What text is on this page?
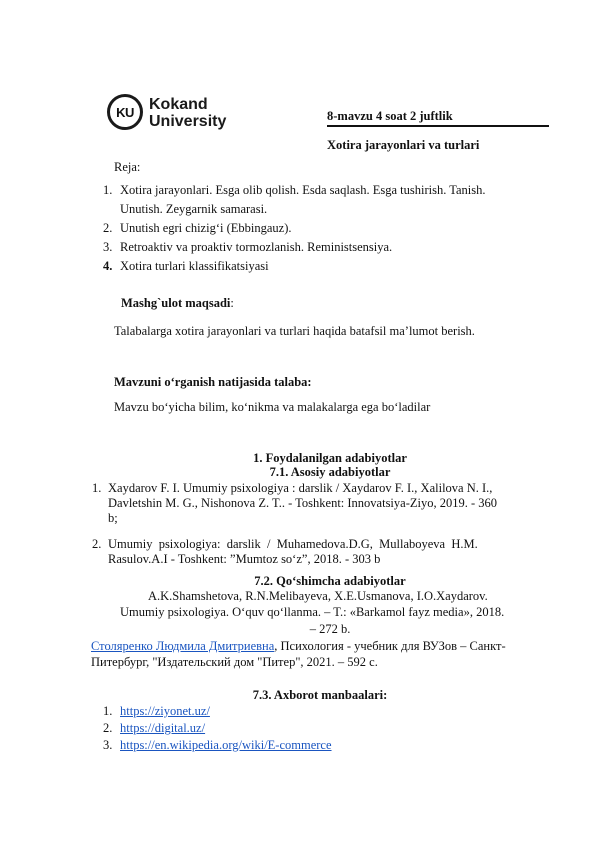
KU Kokand
University	8-mavzu 4 soat 2 juftlik
Xotira jarayonlari va turlari
Reja:
1. Xotira jarayonlari. Esga olib qolish. Esda saqlash. Esga tushirish. Tanish.
Unutish. Zeygarnik samarasi.
2. Unutish egri chizig‘i (Ebbingauz).
3. Retroaktiv va proaktiv tormozlanish. Reministsensiya.
4. Xotira turlari klassifikatsiyasi
Mashg`ulot maqsadi:
Talabalarga xotira jarayonlari va turlari haqida batafsil ma’lumot berish.
Mavzuni o‘rganish natijasida talaba:
Mavzu bo‘yicha bilim, ko‘nikma va malakalarga ega bo‘ladilar
1. Foydalanilgan adabiyotlar
7.1. Asosiy adabiyotlar
1. Xaydarov F. I. Umumiy psixologiya : darslik / Xaydarov F. I., Xalilova N. I.,
Davletshin M. G., Nishonova Z. T.. - Toshkent: Innovatsiya-Ziyo, 2019. - 360
b;
2. Umumiy  psixologiya:  darslik  /  Muhamedova.D.G,  Mullaboyeva  H.M.
Rasulov.A.I - Toshkent: ”Mumtoz so‘z”, 2018. - 303 b
7.2. Qo‘shimcha adabiyotlar
A.K.Shamshetova, R.N.Melibayeva, X.E.Usmanova, I.O.Xaydarov.
Umumiy psixologiya. O‘quv qo‘llanma. – T.: «Barkamol fayz media», 2018.
– 272 b.
Столяренко Людмила Дмитриевна, Психология - учебник для ВУЗов – Санкт-
Питербург, "Издательский дом "Питер", 2021. – 592 с.
7.3. Axborot manbaalari:
1. https://ziyonet.uz/
2. https://digital.uz/
3. https://en.wikipedia.org/wiki/E-commerce
